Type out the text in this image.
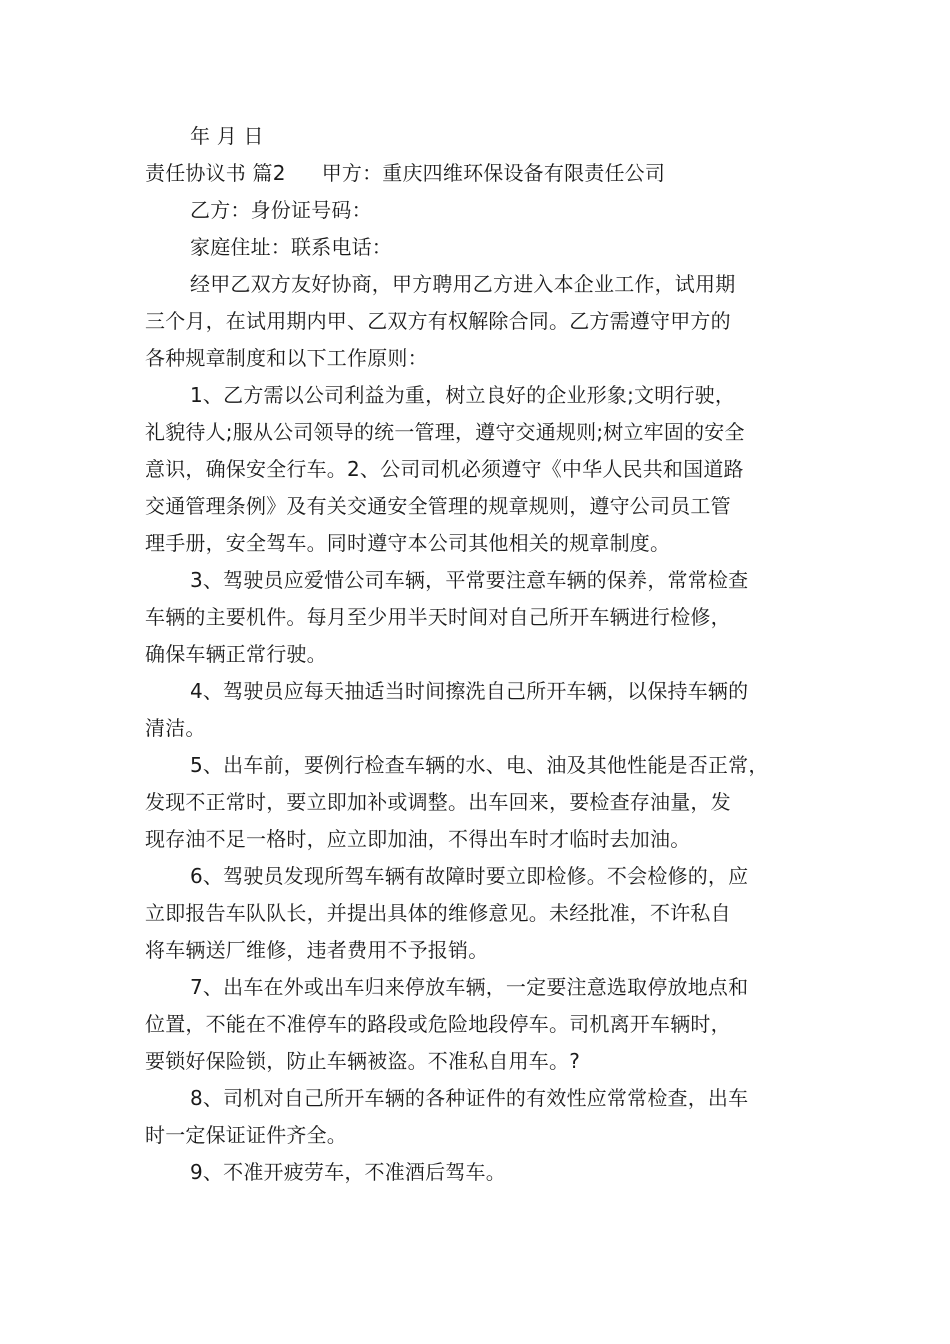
年 月 日
责任协议书 篇2 甲方：重庆四维环保设备有限责任公司
乙方：身份证号码：
家庭住址：联系电话：
经甲乙双方友好协商，甲方聘用乙方进入本企业工作，试用期
三个月，在试用期内甲、乙双方有权解除合同。乙方需遵守甲方的
各种规章制度和以下工作原则：
1、乙方需以公司利益为重，树立良好的企业形象;文明行驶，
礼貌待人;服从公司领导的统一管理，遵守交通规则;树立牢固的安全
意识，确保安全行车。2、公司司机必须遵守《中华人民共和国道路
交通管理条例》及有关交通安全管理的规章规则，遵守公司员工管
理手册，安全驾车。同时遵守本公司其他相关的规章制度。
3、驾驶员应爱惜公司车辆，平常要注意车辆的保养，常常检查
车辆的主要机件。每月至少用半天时间对自己所开车辆进行检修，
确保车辆正常行驶。
4、驾驶员应每天抽适当时间擦洗自己所开车辆，以保持车辆的
清洁。
5、出车前，要例行检查车辆的水、电、油及其他性能是否正常，
发现不正常时，要立即加补或调整。出车回来，要检查存油量，发
现存油不足一格时，应立即加油，不得出车时才临时去加油。
6、驾驶员发现所驾车辆有故障时要立即检修。不会检修的，应
立即报告车队队长，并提出具体的维修意见。未经批准，不许私自
将车辆送厂维修，违者费用不予报销。
7、出车在外或出车归来停放车辆，一定要注意选取停放地点和
位置，不能在不准停车的路段或危险地段停车。司机离开车辆时，
要锁好保险锁，防止车辆被盗。不准私自用车。?
8、司机对自己所开车辆的各种证件的有效性应常常检查，出车
时一定保证证件齐全。
9、不准开疲劳车，不准酒后驾车。
